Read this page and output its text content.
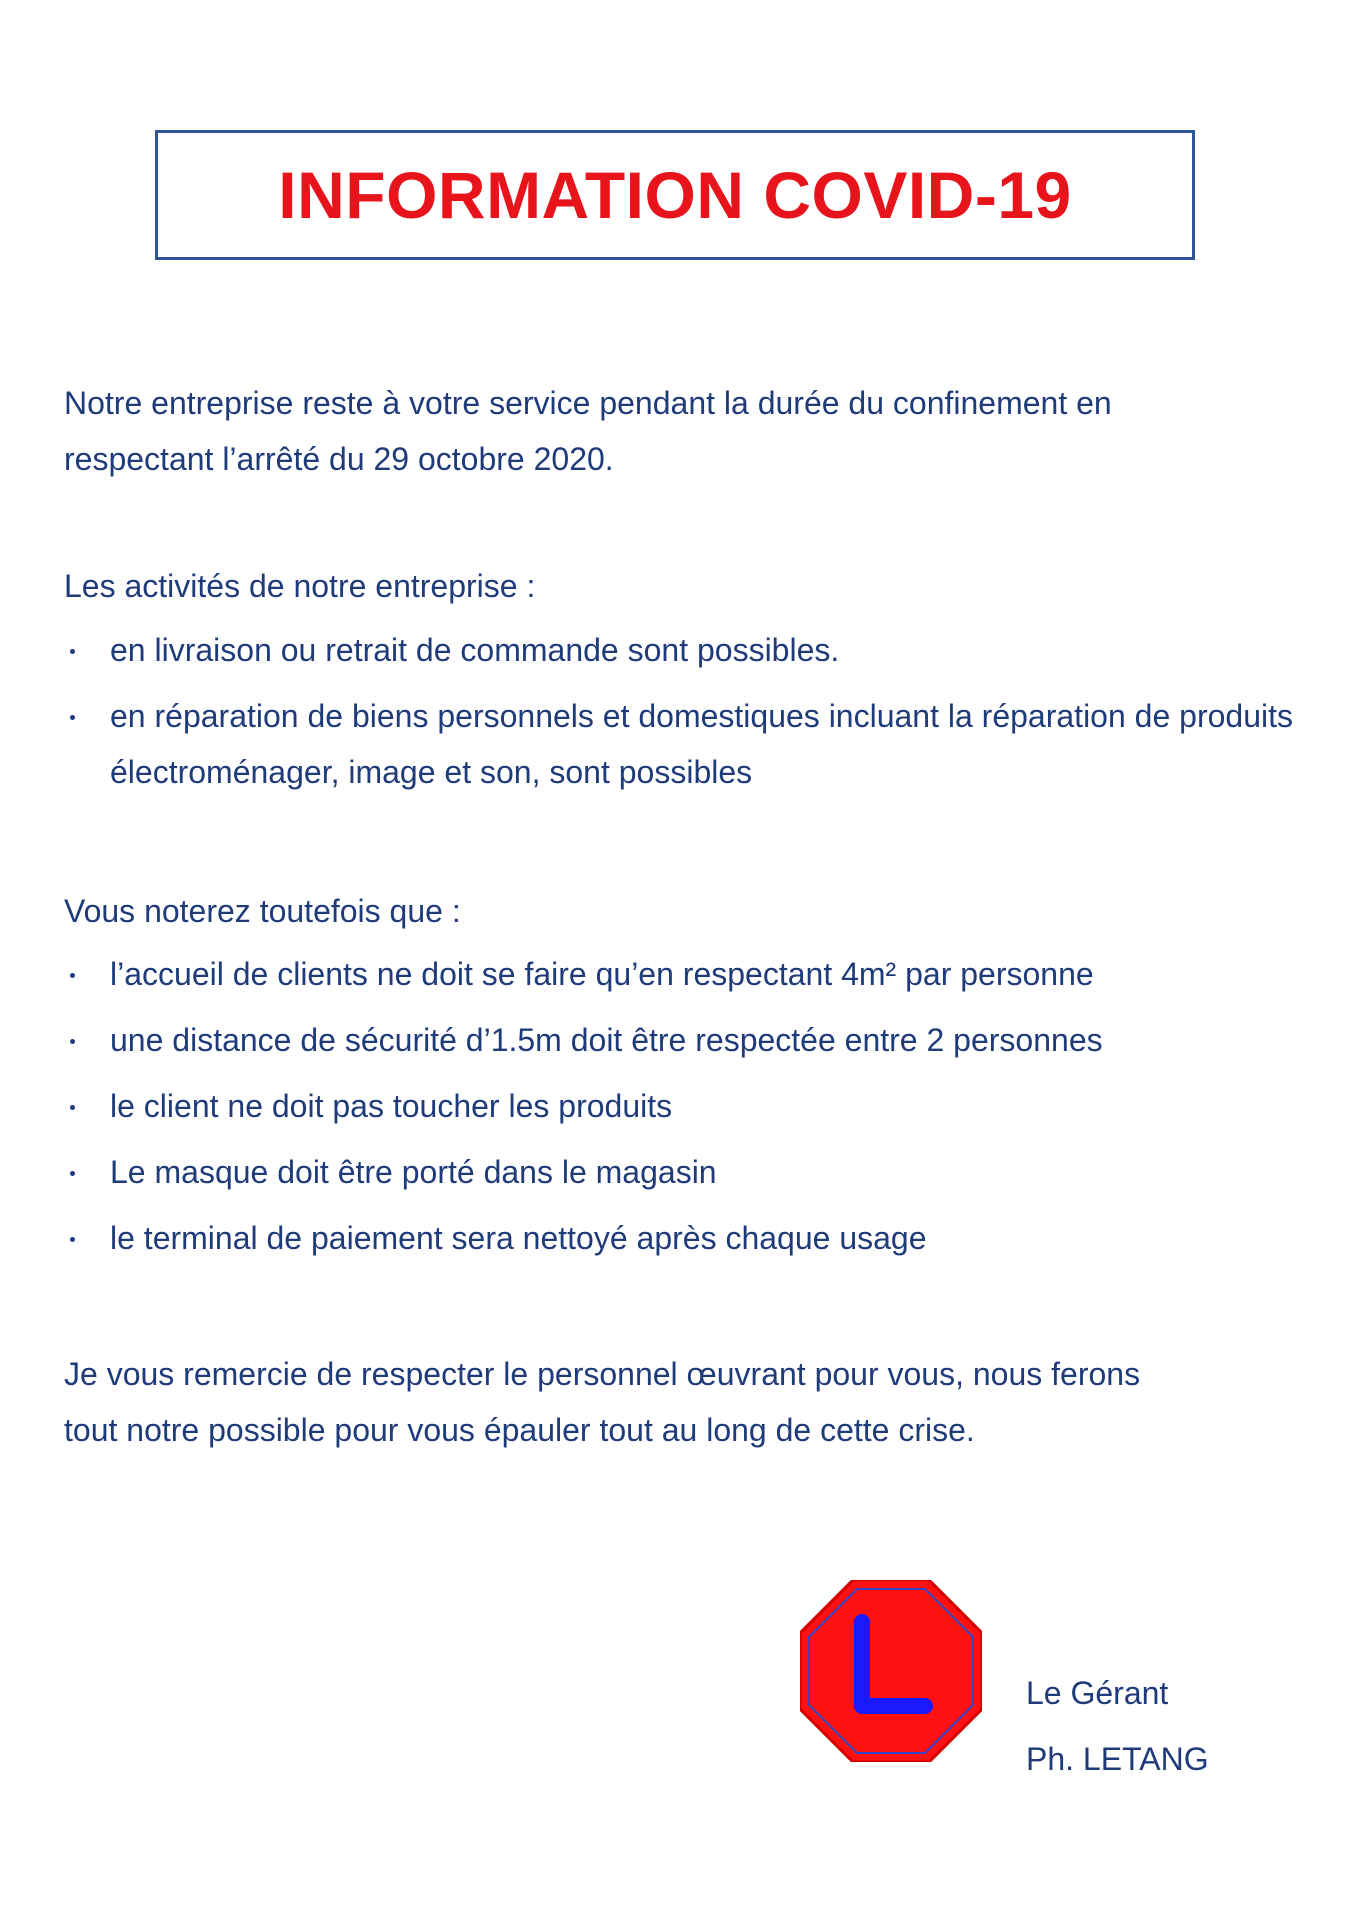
INFORMATION COVID-19

Notre entreprise reste à votre service pendant la durée du confinement en
respectant l’arrêté du 29 octobre 2020.

Les activités de notre entreprise :

en livraison ou retrait de commande sont possibles.
en réparation de biens personnels et domestiques incluant la réparation de produits électroménager, image et son, sont possibles

Vous noterez toutefois que :

l’accueil de clients ne doit se faire qu’en respectant 4m² par personne
une distance de sécurité d’1.5m doit être respectée entre 2 personnes
le client ne doit pas toucher les produits
Le masque doit être porté dans le magasin
le terminal de paiement sera nettoyé après chaque usage

Je vous remercie de respecter le personnel œuvrant pour vous, nous ferons
tout notre possible pour vous épauler tout au long de cette crise.

Le Gérant
Ph. LETANG
